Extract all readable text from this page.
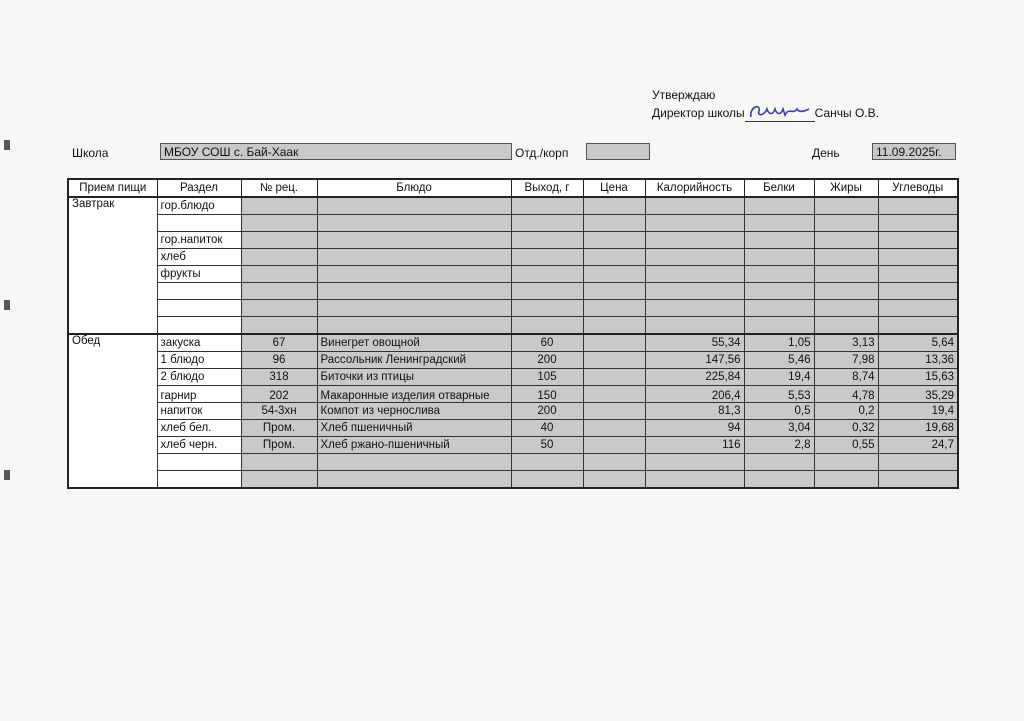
Утверждаю
Директор школы	Санчы О.В.
Школа	МБОУ СОШ с. Бай-Хаак	Отд./корп	День	11.09.2025г.
Прием пищи	Раздел	№ рец.	Блюдо	Выход, г	Цена	Калорийность	Белки	Жиры	Углеводы
Завтрак	гор.блюдо								

	гор.напиток								
	хлеб								
	фрукты								

Обед	закуска	67	Винегрет овощной	60		55,34	1,05	3,13	5,64
	1 блюдо	96	Рассольник Ленинградский	200		147,56	5,46	7,98	13,36
	2 блюдо	318	Биточки из птицы	105		225,84	19,4	8,74	15,63
	гарнир	202	Макаронные изделия отварные	150		206,4	5,53	4,78	35,29
	напиток	54-3хн	Компот из чернослива	200		81,3	0,5	0,2	19,4
	хлеб бел.	Пром.	Хлеб пшеничный	40		94	3,04	0,32	19,68
	хлеб черн.	Пром.	Хлеб ржано-пшеничный	50		116	2,8	0,55	24,7
